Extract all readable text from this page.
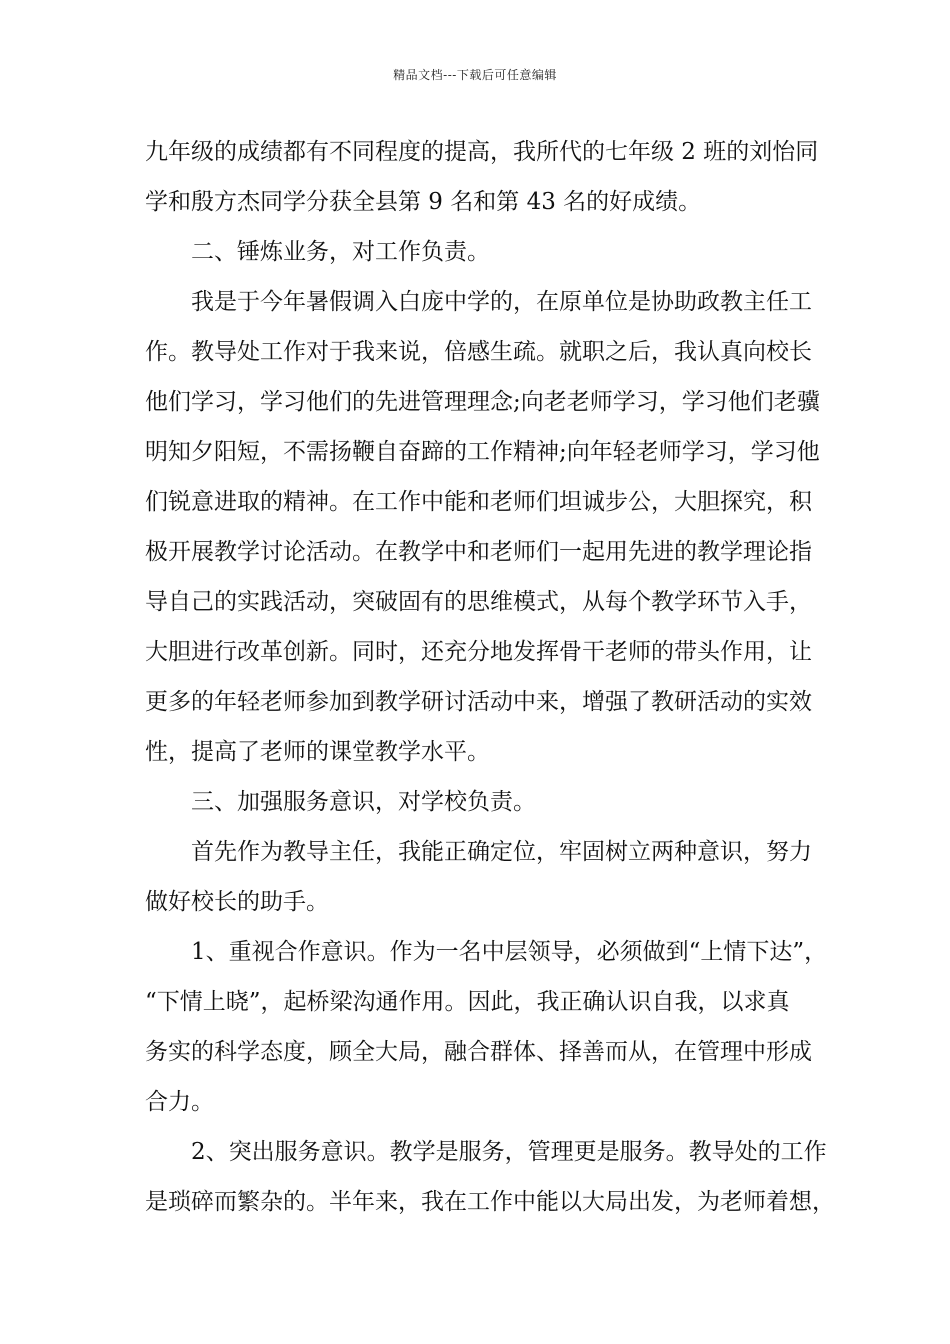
精品文档---下载后可任意编辑
九年级的成绩都有不同程度的提高，我所代的七年级 2 班的刘怡同
学和殷方杰同学分获全县第 9 名和第 43 名的好成绩。
二、锤炼业务，对工作负责。
我是于今年暑假调入白庞中学的，在原单位是协助政教主任工
作。教导处工作对于我来说，倍感生疏。就职之后，我认真向校长
他们学习，学习他们的先进管理理念;向老老师学习，学习他们老骥
明知夕阳短，不需扬鞭自奋蹄的工作精神;向年轻老师学习，学习他
们锐意进取的精神。在工作中能和老师们坦诚步公，大胆探究，积
极开展教学讨论活动。在教学中和老师们一起用先进的教学理论指
导自己的实践活动，突破固有的思维模式，从每个教学环节入手，
大胆进行改革创新。同时，还充分地发挥骨干老师的带头作用，让
更多的年轻老师参加到教学研讨活动中来，增强了教研活动的实效
性，提高了老师的课堂教学水平。
三、加强服务意识，对学校负责。
首先作为教导主任，我能正确定位，牢固树立两种意识，努力
做好校长的助手。
1、重视合作意识。作为一名中层领导，必须做到“上情下达”，
“下情上晓”，起桥梁沟通作用。因此，我正确认识自我，以求真
务实的科学态度，顾全大局，融合群体、择善而从，在管理中形成
合力。
2、突出服务意识。教学是服务，管理更是服务。教导处的工作
是琐碎而繁杂的。半年来，我在工作中能以大局出发，为老师着想，
